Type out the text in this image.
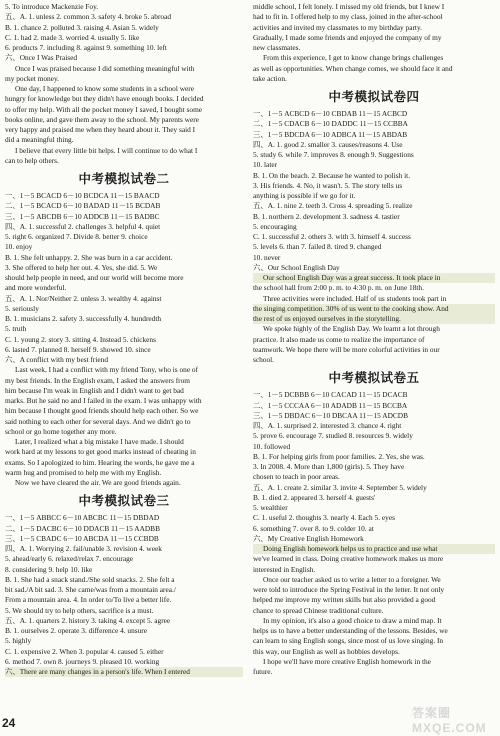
5. To introduce Mackenzie Foy.
五、A. 1. unless 2. common 3. safety 4. broke 5. abroad
B. 1. chance 2. polluted 3. raising 4. Asian 5. widely
C. 1. had 2. made 3. worried 4. usually 5. like
6. products 7. including 8. against 9. something 10. left
六、Once I Was Praised
Once I was praised because I did something meaningful with
my pocket money.
One day, I happened to know some students in a school were
hungry for knowledge but they didn't have enough books. I decided
to offer my help. With all the pocket money I saved, I bought some
books online, and gave them away to the school. My parents were
very happy and praised me when they heard about it. They said I
did a meaningful thing.
I believe that every little bit helps. I will continue to do what I
can to help others.
中考模拟试卷二
一、1－5 BCACD 6－10 BCDCA 11－15 BAACD
二、1－5 BCACD 6－10 BADAD 11－15 BCDAB
三、1－5 ABCDB 6－10 ADDCB 11－15 BADBC
四、A. 1. successful 2. challenges 3. helpful 4. quiet
5. right 6. organized 7. Divide 8. better 9. choice
10. enjoy
B. 1. She felt unhappy. 2. She was burn in a car accident.
3. She offered to help her out. 4. Yes, she did. 5. We
should help people in need, and our world will become more
and more wonderful.
五、A. 1. Nor/Neither 2. unless 3. wealthy 4. against
5. seriously
B. 1. musicians 2. safety 3. successfully 4. hundredth
5. truth
C. 1. young 2. story 3. sitting 4. Instead 5. chickens
6. lasted 7. planned 8. herself 9. showed 10. since
六、A conflict with my best friend
Last week, I had a conflict with my friend Tony, who is one of
my best friends. In the English exam, I asked the answers from
him because I'm weak in English and I didn't want to get bad
marks. But he said no and I failed in the exam. I was unhappy with
him because I thought good friends should help each other. So we
said nothing to each other for several days. And we didn't go to
school or go home together any more.
Later, I realized what a big mistake I have made. I should
work hard at my lessons to get good marks instead of cheating in
exams. So I apologized to him. Hearing the words, he gave me a
warm hug and promised to help me with my English.
Now we have cleared the air. We are good friends again.
中考模拟试卷三
一、1－5 ABBCC 6－10 ABCBC 11－15 DBDAD
二、1－5 DACBC 6－10 DDACB 11－15 AADBB
三、1－5 CBADC 6－10 ABCDA 11－15 CCBDB
四、A. 1. Worrying 2. fail/unable 3. revision 4. week
5. ahead/early 6. relaxed/relax 7. encourage
8. considering 9. help 10. like
B. 1. She had a snack stand./She sold snacks. 2. She felt a
bit sad./A bit sad. 3. She came/was from a mountain area./
From a mountain area. 4. In order to/To live a better life.
5. We should try to help others, sacrifice is a must.
五、A. 1. quarters 2. history 3. taking 4. except 5. agree
B. 1. ourselves 2. operate 3. difference 4. unsure
5. highly
C. 1. expensive 2. When 3. popular 4. caused 5. either
6. method 7. own 8. journeys 9. pleased 10. working
六、There are many changes in a person's life. When I entered
middle school, I felt lonely. I missed my old friends, but I knew I
had to fit in. I offered help to my class, joined in the after-school
activities and invited my classmates to my birthday party.
Gradually, I made some friends and enjoyed the company of my
new classmates.
From this experience, I get to know change brings challenges
as well as opportunities. When change comes, we should face it and
take action.
中考模拟试卷四
一、1－5 ACBCD 6－10 CBDAB 11－15 ACBCD
二、1－5 CDACB 6－10 DADDC 11－15 CCBBA
三、1－5 BDCDA 6－10 ADBCA 11－15 ABDAB
四、A. 1. good 2. smaller 3. causes/reasons 4. Use
5. study 6. while 7. improves 8. enough 9. Suggestions
10. later
B. 1. On the beach. 2. Because he wanted to polish it.
3. His friends. 4. No, it wasn't. 5. The story tells us
anything is possible if we go for it.
五、A. 1. nine 2. teeth 3. Cross 4. spreading 5. realize
B. 1. northern 2. development 3. sadness 4. tastier
5. encouraging
C. 1. successful 2. others 3. with 3. himself 4. success
5. levels 6. than 7. failed 8. tired 9. changed
10. never
六、Our School English Day
Our school English Day was a great success. It took place in
the school hall from 2:00 p. m. to 4:30 p. m. on June 18th.
Three activities were included. Half of us students took part in
the singing competition. 30% of us went to the cooking show. And
the rest of us enjoyed ourselves in the storytelling.
We spoke highly of the English Day. We learnt a lot through
practice. It also made us come to realize the importance of
teamwork. We hope there will be more colorful activities in our
school.
中考模拟试卷五
一、1－5 DCBBB 6－10 CACAD 11－15 DCACB
二、1－5 CCCAA 6－10 ADADB 11－15 BCCBA
三、1－5 DBDAC 6－10 DBCAA 11－15 ADCDB
四、A. 1. surprised 2. interested 3. chance 4. right
5. prove 6. encourage 7. studied 8. resources 9. widely
10. followed
B. 1. For helping girls from poor families. 2. Yes, she was.
3. In 2008. 4. More than 1,800 (girls). 5. They have
chosen to teach in poor areas.
五、A. 1. create 2. similar 3. invite 4. September 5. widely
B. 1. died 2. appeared 3. herself 4. guests'
5. wealthier
C. 1. useful 2. thoughts 3. nearly 4. Each 5. eyes
6. something 7. over 8. to 9. colder 10. at
六、My Creative English Homework
Doing English homework helps us to practice and use what
we've learned in class. Doing creative homework makes us more
interested in English.
Once our teacher asked us to write a letter to a foreigner. We
were told to introduce the Spring Festival in the letter. It not only
helped me improve my written skills but also provided a good
chance to spread Chinese traditional culture.
In my opinion, it's also a good choice to draw a mind map. It
helps us to have a better understanding of the lessons. Besides, we
can learn to sing English songs, since most of us love singing. In
this way, our English as well as hobbies develops.
I hope we'll have more creative English homework in the
future.
24
答案圈 MXQE.COM
